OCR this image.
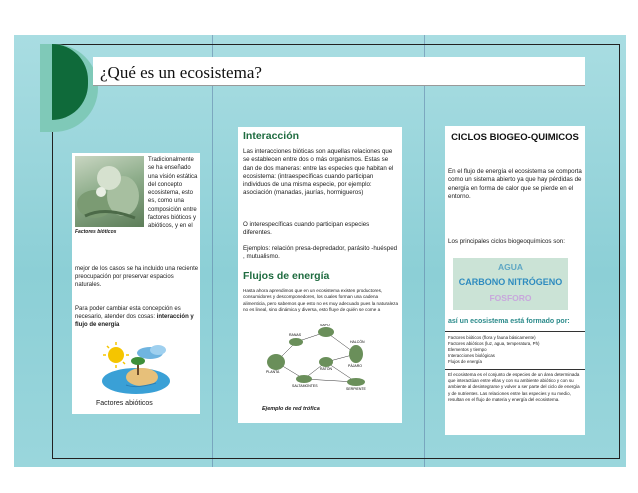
¿Qué es un ecosistema?
Factores bióticos
Tradicionalmente se ha enseñado una visión estática del concepto ecosistema, esto es, como una composición entre factores bióticos y abióticos, y en el
mejor de los casos se ha incluido una reciente preocupación por preservar espacios naturales.
Para poder cambiar esta concepción es necesario, atender dos cosas: interacción y flujo de energía
Factores abióticos
Interacción
Las interacciones bióticas son aquellas relaciones que se establecen entre dos o más organismos. Estas se dan de dos maneras: entre las especies que habitan el ecosistema: (intraespecíficas cuando participan individuos de una misma especie, por ejemplo: asociación (manadas, jaurías, hormigueros)
O interespecíficas cuando participan especies diferentes.
Ejemplos: relación presa-depredador, parásito -huésped , mutualismo.
Flujos de energía
Hasta ahora aprendimos que en un ecosistema existen productores, consumidores y descomponedores, los cuales forman una cadena alimenticia, pero sabemos que esto no es muy adecuado pues la naturaleza no es lineal, sino dinámica y diversa, esto fluye de quién se come a
SAPO
RANAS
PLANTA
SALTAMONTES
PÁJARO
RATÓN
HALCÓN
SERPIENTE
Ejemplo de red trófica
CICLOS BIOGEO-QUIMICOS
En el flujo de energía el ecosistema se comporta como un sistema abierto ya que hay pérdidas de energía en forma de calor que se pierde en el entorno.
Los principales ciclos biogeoquímicos son:
AGUA
CARBONO NITRÓGENO
FOSFORO
así un ecosistema está formado por:
Factores bióticos (flora y fauna básicamente)
Factores abióticos (luz, agua, temperatura, Ph)
Elementos y tiempo
Interacciones biológicas
Flujos de energía
El ecosistema es el conjunto de especies de un área determinada que interactúan entre ellas y con su ambiente abiótico y con su ambiente al desintegrarse y volver a ser parte del ciclo de energía y de nutrientes. Las relaciones entre las especies y su medio, resultan en el flujo de materia y energía del ecosistema.
